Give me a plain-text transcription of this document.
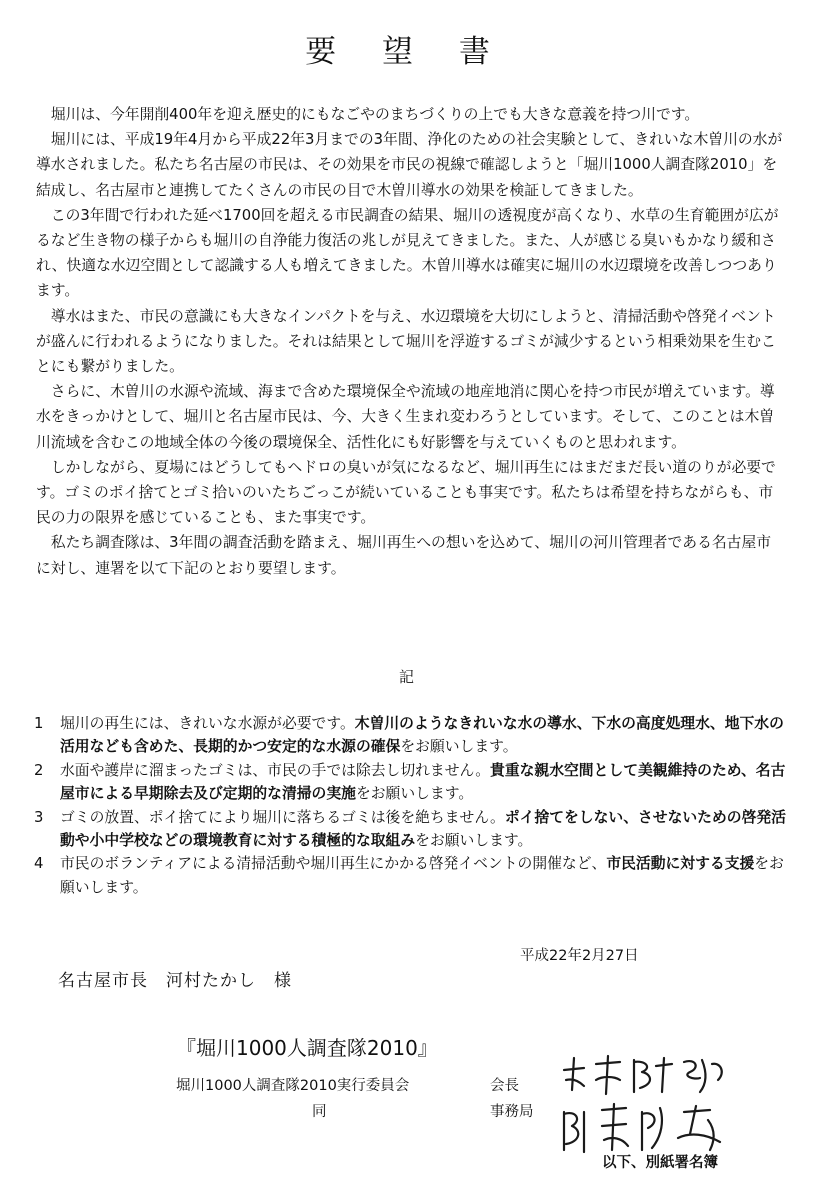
要 望 書

堀川は、今年開削400年を迎え歴史的にもなごやのまちづくりの上でも大きな意義を持つ川です。

堀川には、平成19年4月から平成22年3月までの3年間、浄化のための社会実験として、きれいな木曽川の水が導水されました。私たち名古屋の市民は、その効果を市民の視線で確認しようと「堀川1000人調査隊2010」を結成し、名古屋市と連携してたくさんの市民の目で木曽川導水の効果を検証してきました。

この3年間で行われた延べ1700回を超える市民調査の結果、堀川の透視度が高くなり、水草の生育範囲が広がるなど生き物の様子からも堀川の自浄能力復活の兆しが見えてきました。また、人が感じる臭いもかなり緩和され、快適な水辺空間として認識する人も増えてきました。木曽川導水は確実に堀川の水辺環境を改善しつつあります。

導水はまた、市民の意識にも大きなインパクトを与え、水辺環境を大切にしようと、清掃活動や啓発イベントが盛んに行われるようになりました。それは結果として堀川を浮遊するゴミが減少するという相乗効果を生むことにも繋がりました。

さらに、木曽川の水源や流域、海まで含めた環境保全や流域の地産地消に関心を持つ市民が増えています。導水をきっかけとして、堀川と名古屋市民は、今、大きく生まれ変わろうとしています。そして、このことは木曽川流域を含むこの地域全体の今後の環境保全、活性化にも好影響を与えていくものと思われます。

しかしながら、夏場にはどうしてもヘドロの臭いが気になるなど、堀川再生にはまだまだ長い道のりが必要です。ゴミのポイ捨てとゴミ拾いのいたちごっこが続いていることも事実です。私たちは希望を持ちながらも、市民の力の限界を感じていることも、また事実です。

私たち調査隊は、3年間の調査活動を踏まえ、堀川再生への想いを込めて、堀川の河川管理者である名古屋市に対し、連署を以て下記のとおり要望します。

記

1 堀川の再生には、きれいな水源が必要です。木曽川のようなきれいな水の導水、下水の高度処理水、地下水の活用なども含めた、長期的かつ安定的な水源の確保をお願いします。

2 水面や護岸に溜まったゴミは、市民の手では除去し切れません。貴重な親水空間として美観維持のため、名古屋市による早期除去及び定期的な清掃の実施をお願いします。

3 ゴミの放置、ポイ捨てにより堀川に落ちるゴミは後を絶ちません。ポイ捨てをしない、させないための啓発活動や小中学校などの環境教育に対する積極的な取組みをお願いします。

4 市民のボランティアによる清掃活動や堀川再生にかかる啓発イベントの開催など、市民活動に対する支援をお願いします。

平成22年2月27日
名古屋市長　河村たかし 様
『堀川1000人調査隊2010』
堀川1000人調査隊2010実行委員会	会長
同	事務局
以下、別紙署名簿
